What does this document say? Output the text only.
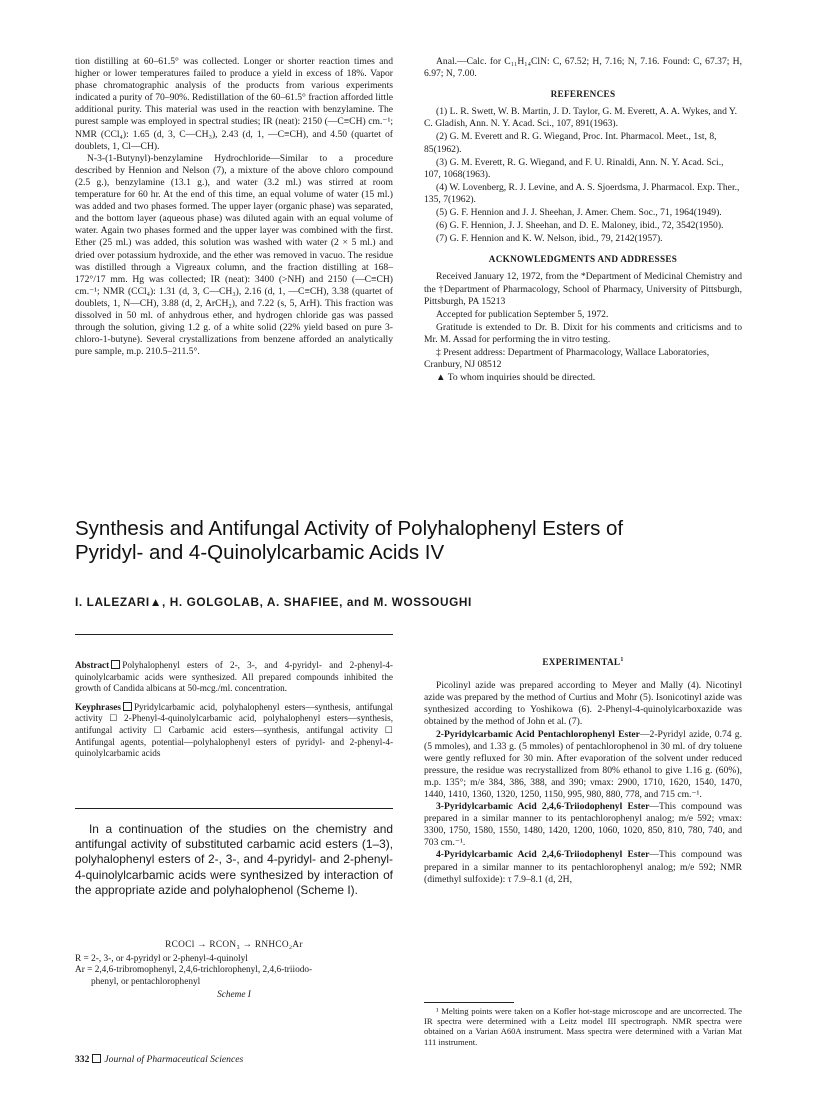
tion distilling at 60–61.5° was collected. Longer or shorter reaction times and higher or lower temperatures failed to produce a yield in excess of 18%. Vapor phase chromatographic analysis of the products from various experiments indicated a purity of 70–90%. Redistillation of the 60–61.5° fraction afforded little additional purity. This material was used in the reaction with benzylamine. The purest sample was employed in spectral studies; IR (neat): 2150 (—C≡CH) cm.⁻¹; NMR (CCl₄): 1.65 (d, 3, C—CH₃), 2.43 (d, 1, —C≡CH), and 4.50 (quartet of doublets, 1, Cl—CH).

N-3-(1-Butynyl)-benzylamine Hydrochloride—Similar to a procedure described by Hennion and Nelson (7), a mixture of the above chloro compound (2.5 g.), benzylamine (13.1 g.), and water (3.2 ml.) was stirred at room temperature for 60 hr. At the end of this time, an equal volume of water (15 ml.) was added and two phases formed. The upper layer (organic phase) was separated, and the bottom layer (aqueous phase) was diluted again with an equal volume of water. Again two phases formed and the upper layer was combined with the first. Ether (25 ml.) was added, this solution was washed with water (2 × 5 ml.) and dried over potassium hydroxide, and the ether was removed in vacuo. The residue was distilled through a Vigreaux column, and the fraction distilling at 168–172°/17 mm. Hg was collected; IR (neat): 3400 (>NH) and 2150 (—C≡CH) cm.⁻¹; NMR (CCl₄): 1.31 (d, 3, C—CH₃), 2.16 (d, 1, —C≡CH), 3.38 (quartet of doublets, 1, N—CH), 3.88 (d, 2, ArCH₂), and 7.22 (s, 5, ArH). This fraction was dissolved in 50 ml. of anhydrous ether, and hydrogen chloride gas was passed through the solution, giving 1.2 g. of a white solid (22% yield based on pure 3-chloro-1-butyne). Several crystallizations from benzene afforded an analytically pure sample, m.p. 210.5–211.5°.

Anal.—Calc. for C₁₁H₁₄ClN: C, 67.52; H, 7.16; N, 7.16. Found: C, 67.37; H, 6.97; N, 7.00.

REFERENCES

(1) L. R. Swett, W. B. Martin, J. D. Taylor, G. M. Everett, A. A. Wykes, and Y. C. Gladish, Ann. N. Y. Acad. Sci., 107, 891(1963).

(2) G. M. Everett and R. G. Wiegand, Proc. Int. Pharmacol. Meet., 1st, 8, 85(1962).

(3) G. M. Everett, R. G. Wiegand, and F. U. Rinaldi, Ann. N. Y. Acad. Sci., 107, 1068(1963).

(4) W. Lovenberg, R. J. Levine, and A. S. Sjoerdsma, J. Pharmacol. Exp. Ther., 135, 7(1962).

(5) G. F. Hennion and J. J. Sheehan, J. Amer. Chem. Soc., 71, 1964(1949).

(6) G. F. Hennion, J. J. Sheehan, and D. E. Maloney, ibid., 72, 3542(1950).

(7) G. F. Hennion and K. W. Nelson, ibid., 79, 2142(1957).

ACKNOWLEDGMENTS AND ADDRESSES

Received January 12, 1972, from the *Department of Medicinal Chemistry and the †Department of Pharmacology, School of Pharmacy, University of Pittsburgh, Pittsburgh, PA 15213

Accepted for publication September 5, 1972.

Gratitude is extended to Dr. B. Dixit for his comments and criticisms and to Mr. M. Assad for performing the in vitro testing.

‡ Present address: Department of Pharmacology, Wallace Laboratories, Cranbury, NJ 08512

▲ To whom inquiries should be directed.

Synthesis and Antifungal Activity of Polyhalophenyl Esters of
Pyridyl- and 4-Quinolylcarbamic Acids IV
I. LALEZARI▲, H. GOLGOLAB, A. SHAFIEE, and M. WOSSOUGHI

Abstract Polyhalophenyl esters of 2-, 3-, and 4-pyridyl- and 2-phenyl-4-quinolylcarbamic acids were synthesized. All prepared compounds inhibited the growth of Candida albicans at 50-mcg./ml. concentration.

Keyphrases Pyridylcarbamic acid, polyhalophenyl esters—synthesis, antifungal activity ☐ 2-Phenyl-4-quinolylcarbamic acid, polyhalophenyl esters—synthesis, antifungal activity ☐ Carbamic acid esters—synthesis, antifungal activity ☐ Antifungal agents, potential—polyhalophenyl esters of pyridyl- and 2-phenyl-4-quinolylcarbamic acids

In a continuation of the studies on the chemistry and antifungal activity of substituted carbamic acid esters (1–3), polyhalophenyl esters of 2-, 3-, and 4-pyridyl- and 2-phenyl-4-quinolylcarbamic acids were synthesized by interaction of the appropriate azide and polyhalophenol (Scheme I).

RCOCl → RCON₃ → RNHCO₂Ar
R = 2-, 3-, or 4-pyridyl or 2-phenyl-4-quinolyl
Ar = 2,4,6-tribromophenyl, 2,4,6-trichlorophenyl, 2,4,6-triiodo-
phenyl, or pentachlorophenyl
Scheme I
332 Journal of Pharmaceutical Sciences
EXPERIMENTAL$^1$

Picolinyl azide was prepared according to Meyer and Mally (4). Nicotinyl azide was prepared by the method of Curtius and Mohr (5). Isonicotinyl azide was synthesized according to Yoshikowa (6). 2-Phenyl-4-quinolylcarboxazide was obtained by the method of John et al. (7).

2-Pyridylcarbamic Acid Pentachlorophenyl Ester—2-Pyridyl azide, 0.74 g. (5 mmoles), and 1.33 g. (5 mmoles) of pentachlorophenol in 30 ml. of dry toluene were gently refluxed for 30 min. After evaporation of the solvent under reduced pressure, the residue was recrystallized from 80% ethanol to give 1.16 g. (60%), m.p. 135°; m/e 384, 386, 388, and 390; νmax: 2900, 1710, 1620, 1540, 1470, 1440, 1410, 1360, 1320, 1250, 1150, 995, 980, 880, 778, and 715 cm.⁻¹.

3-Pyridylcarbamic Acid 2,4,6-Triiodophenyl Ester—This compound was prepared in a similar manner to its pentachlorophenyl analog; m/e 592; νmax: 3300, 1750, 1580, 1550, 1480, 1420, 1200, 1060, 1020, 850, 810, 780, 740, and 703 cm.⁻¹.

4-Pyridylcarbamic Acid 2,4,6-Triiodophenyl Ester—This compound was prepared in a similar manner to its pentachlorophenyl analog; m/e 592; NMR (dimethyl sulfoxide): τ 7.9–8.1 (d, 2H,

¹ Melting points were taken on a Kofler hot-stage microscope and are uncorrected. The IR spectra were determined with a Leitz model III spectrograph. NMR spectra were obtained on a Varian A60A instrument. Mass spectra were determined with a Varian Mat 111 instrument.
